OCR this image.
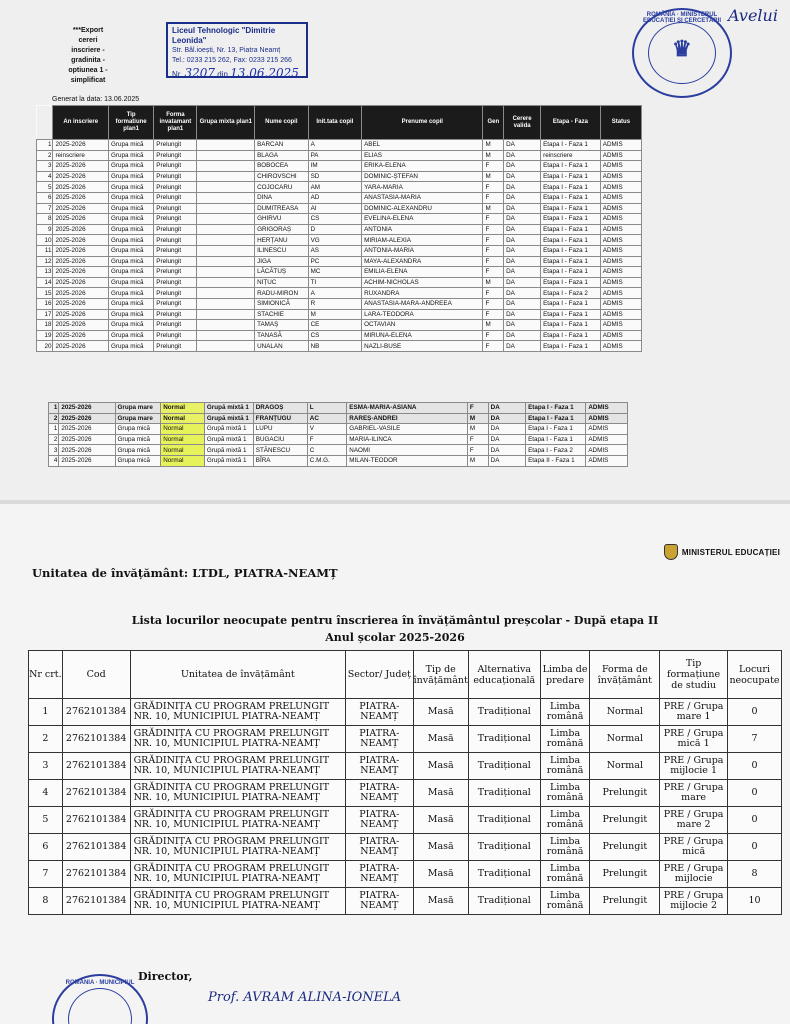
***Export
cereri
inscriere -
gradinita -
optiunea 1 -
simplificat
Liceul Tehnologic "Dimitrie Leonida"
Str. Băl.ioești, Nr. 13, Piatra Neamț
Tel.: 0233 215 262, Fax: 0233 215 266
Nr. 3207 din 13.06.2025
Generat la data: 13.06.2025
♛
ROMÂNIA · MINISTERUL EDUCAȚIEI ȘI CERCETĂRII Avelui
	An inscriere	Tip formatiune plan1	Forma invatamant plan1	Grupa mixta plan1	Nume copil	Init.tata copil	Prenume copil	Gen	Cerere valida	Etapa - Faza	Status
1	2025-2026	Grupa mică	Prelungit		BARCAN	A	ABEL	M	DA	Etapa I - Faza 1	ADMIS
2	reinscriere	Grupa mică	Prelungit		BLAGA	PA	ELIAS	M	DA	reinscriere	ADMIS
3	2025-2026	Grupa mică	Prelungit		BOBOCEA	IM	ERIKA-ELENA	F	DA	Etapa I - Faza 1	ADMIS
4	2025-2026	Grupa mică	Prelungit		CHIROVSCHI	SD	DOMINIC-ȘTEFAN	M	DA	Etapa I - Faza 1	ADMIS
5	2025-2026	Grupa mică	Prelungit		COJOCARU	AM	YARA-MARIA	F	DA	Etapa I - Faza 1	ADMIS
6	2025-2026	Grupa mică	Prelungit		DINA	AD	ANASTASIA-MARIA	F	DA	Etapa I - Faza 1	ADMIS
7	2025-2026	Grupa mică	Prelungit		DUMITREASA	AI	DOMINIC-ALEXANDRU	M	DA	Etapa I - Faza 1	ADMIS
8	2025-2026	Grupa mică	Prelungit		GHIRVU	CS	EVELINA-ELENA	F	DA	Etapa I - Faza 1	ADMIS
9	2025-2026	Grupa mică	Prelungit		GRIGORAȘ	D	ANTONIA	F	DA	Etapa I - Faza 1	ADMIS
10	2025-2026	Grupa mică	Prelungit		HERȚANU	VG	MIRIAM-ALEXIA	F	DA	Etapa I - Faza 1	ADMIS
11	2025-2026	Grupa mică	Prelungit		ILINESCU	AS	ANTONIA-MARIA	F	DA	Etapa I - Faza 1	ADMIS
12	2025-2026	Grupa mică	Prelungit		JIGA	PC	MAYA-ALEXANDRA	F	DA	Etapa I - Faza 1	ADMIS
13	2025-2026	Grupa mică	Prelungit		LĂCĂTUȘ	MC	EMILIA-ELENA	F	DA	Etapa I - Faza 1	ADMIS
14	2025-2026	Grupa mică	Prelungit		NIȚUC	TI	ACHIM-NICHOLAS	M	DA	Etapa I - Faza 1	ADMIS
15	2025-2026	Grupa mică	Prelungit		RADU-MIRON	A	RUXANDRA	F	DA	Etapa I - Faza 2	ADMIS
16	2025-2026	Grupa mică	Prelungit		SIMIONICĂ	R	ANASTASIA-MARA-ANDREEA	F	DA	Etapa I - Faza 1	ADMIS
17	2025-2026	Grupa mică	Prelungit		STACHIE	M	LARA-TEODORA	F	DA	Etapa I - Faza 1	ADMIS
18	2025-2026	Grupa mică	Prelungit		TAMAȘ	CE	OCTAVIAN	M	DA	Etapa I - Faza 1	ADMIS
19	2025-2026	Grupa mică	Prelungit		TANASĂ	CS	MIRUNA-ELENA	F	DA	Etapa I - Faza 1	ADMIS
20	2025-2026	Grupa mică	Prelungit		UNALAN	NB	NAZLI-BUSE	F	DA	Etapa I - Faza 1	ADMIS
1	2025-2026	Grupa mare	Normal	Grupă mixtă 1	DRAGOȘ	L	ESMA-MARIA-ASIANA	F	DA	Etapa I - Faza 1	ADMIS
2	2025-2026	Grupa mare	Normal	Grupă mixtă 1	FRANȚUGU	AC	RAREȘ-ANDREI	M	DA	Etapa I - Faza 1	ADMIS
1	2025-2026	Grupa mică	Normal	Grupă mixtă 1	LUPU	V	GABRIEL-VASILE	M	DA	Etapa I - Faza 1	ADMIS
2	2025-2026	Grupa mică	Normal	Grupă mixtă 1	BUGACIU	F	MARIA-ILINCA	F	DA	Etapa I - Faza 1	ADMIS
3	2025-2026	Grupa mică	Normal	Grupă mixtă 1	STĂNESCU	C	NAOMI	F	DA	Etapa I - Faza 2	ADMIS
4	2025-2026	Grupa mică	Normal	Grupă mixtă 1	BÎRA	C.M.G.	MILAN-TEODOR	M	DA	Etapa II - Faza 1	ADMIS
MINISTERUL EDUCAȚIEI
Unitatea de învățământ: LTDL, PIATRA-NEAMȚ
Lista locurilor neocupate pentru înscrierea în învățământul preșcolar - După etapa II
Anul școlar 2025-2026
Nr crt.	Cod	Unitatea de învățământ	Sector/ Județ	Tip de învățământ	Alternativa educațională	Limba de predare	Forma de învățământ	Tip formațiune de studiu	Locuri neocupate
1	2762101384	GRĂDINIȚA CU PROGRAM PRELUNGIT NR. 10, MUNICIPIUL PIATRA-NEAMȚ	PIATRA-NEAMȚ	Masă	Tradițional	Limba română	Normal	PRE / Grupa mare 1	0
2	2762101384	GRĂDINIȚA CU PROGRAM PRELUNGIT NR. 10, MUNICIPIUL PIATRA-NEAMȚ	PIATRA-NEAMȚ	Masă	Tradițional	Limba română	Normal	PRE / Grupa mică 1	7
3	2762101384	GRĂDINIȚA CU PROGRAM PRELUNGIT NR. 10, MUNICIPIUL PIATRA-NEAMȚ	PIATRA-NEAMȚ	Masă	Tradițional	Limba română	Normal	PRE / Grupa mijlocie 1	0
4	2762101384	GRĂDINIȚA CU PROGRAM PRELUNGIT NR. 10, MUNICIPIUL PIATRA-NEAMȚ	PIATRA-NEAMȚ	Masă	Tradițional	Limba română	Prelungit	PRE / Grupa mare	0
5	2762101384	GRĂDINIȚA CU PROGRAM PRELUNGIT NR. 10, MUNICIPIUL PIATRA-NEAMȚ	PIATRA-NEAMȚ	Masă	Tradițional	Limba română	Prelungit	PRE / Grupa mare 2	0
6	2762101384	GRĂDINIȚA CU PROGRAM PRELUNGIT NR. 10, MUNICIPIUL PIATRA-NEAMȚ	PIATRA-NEAMȚ	Masă	Tradițional	Limba română	Prelungit	PRE / Grupa mică	0
7	2762101384	GRĂDINIȚA CU PROGRAM PRELUNGIT NR. 10, MUNICIPIUL PIATRA-NEAMȚ	PIATRA-NEAMȚ	Masă	Tradițional	Limba română	Prelungit	PRE / Grupa mijlocie	8
8	2762101384	GRĂDINIȚA CU PROGRAM PRELUNGIT NR. 10, MUNICIPIUL PIATRA-NEAMȚ	PIATRA-NEAMȚ	Masă	Tradițional	Limba română	Prelungit	PRE / Grupa mijlocie 2	10
Director,
Prof. AVRAM ALINA-IONELA
ROMÂNIA · MUNICIPIUL
